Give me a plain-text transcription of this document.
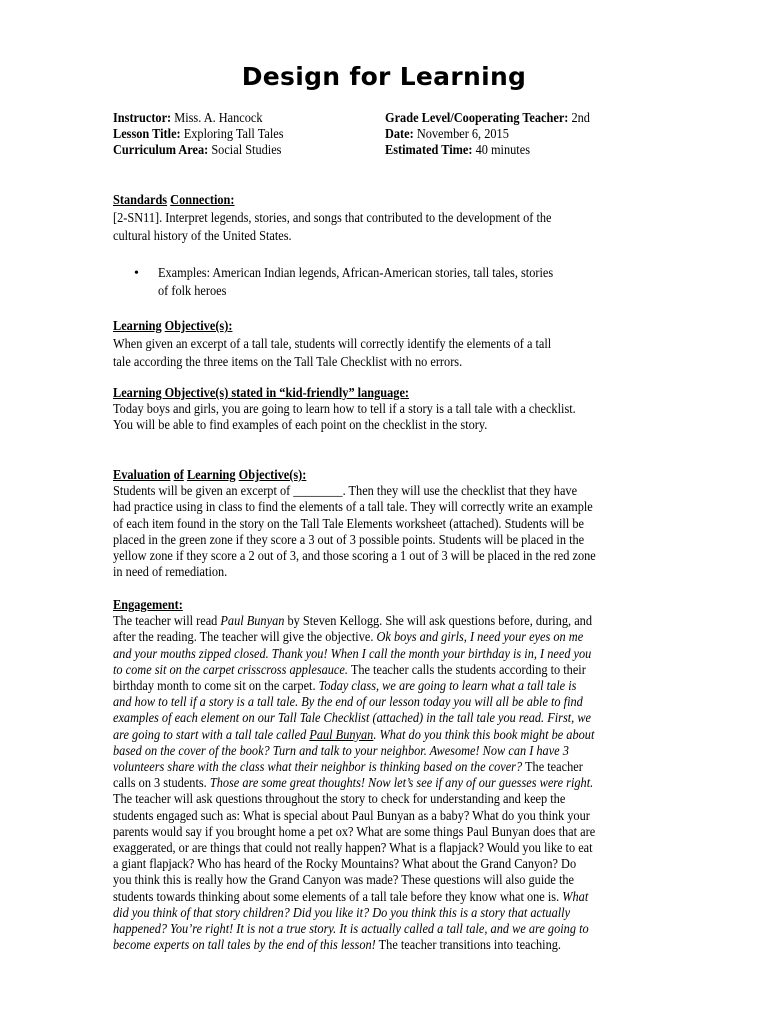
Design for Learning
Instructor: Miss. A. Hancock
Lesson Title: Exploring Tall Tales
Curriculum Area: Social Studies
Grade Level/Cooperating Teacher: 2nd
Date: November 6, 2015
Estimated Time: 40 minutes
Standards Connection:
[2-SN11]. Interpret legends, stories, and songs that contributed to the development of the
cultural history of the United States.
• Examples: American Indian legends, African-American stories, tall tales, stories
of folk heroes
Learning Objective(s):
When given an excerpt of a tall tale, students will correctly identify the elements of a tall
tale according the three items on the Tall Tale Checklist with no errors.
Learning Objective(s) stated in “kid-friendly” language:
Today boys and girls, you are going to learn how to tell if a story is a tall tale with a checklist.
You will be able to find examples of each point on the checklist in the story.
Evaluation of Learning Objective(s):
Students will be given an excerpt of ________. Then they will use the checklist that they have
had practice using in class to find the elements of a tall tale. They will correctly write an example
of each item found in the story on the Tall Tale Elements worksheet (attached). Students will be
placed in the green zone if they score a 3 out of 3 possible points. Students will be placed in the
yellow zone if they score a 2 out of 3, and those scoring a 1 out of 3 will be placed in the red zone
in need of remediation.
Engagement:
The teacher will read Paul Bunyan by Steven Kellogg. She will ask questions before, during, and
after the reading. The teacher will give the objective. Ok boys and girls, I need your eyes on me
and your mouths zipped closed. Thank you! When I call the month your birthday is in, I need you
to come sit on the carpet crisscross applesauce. The teacher calls the students according to their
birthday month to come sit on the carpet. Today class, we are going to learn what a tall tale is
and how to tell if a story is a tall tale. By the end of our lesson today you will all be able to find
examples of each element on our Tall Tale Checklist (attached) in the tall tale you read. First, we
are going to start with a tall tale called Paul Bunyan. What do you think this book might be about
based on the cover of the book? Turn and talk to your neighbor. Awesome! Now can I have 3
volunteers share with the class what their neighbor is thinking based on the cover? The teacher
calls on 3 students. Those are some great thoughts! Now let’s see if any of our guesses were right.
The teacher will ask questions throughout the story to check for understanding and keep the
students engaged such as: What is special about Paul Bunyan as a baby? What do you think your
parents would say if you brought home a pet ox? What are some things Paul Bunyan does that are
exaggerated, or are things that could not really happen? What is a flapjack? Would you like to eat
a giant flapjack? Who has heard of the Rocky Mountains? What about the Grand Canyon? Do
you think this is really how the Grand Canyon was made? These questions will also guide the
students towards thinking about some elements of a tall tale before they know what one is. What
did you think of that story children? Did you like it? Do you think this is a story that actually
happened? You’re right! It is not a true story. It is actually called a tall tale, and we are going to
become experts on tall tales by the end of this lesson! The teacher transitions into teaching.
